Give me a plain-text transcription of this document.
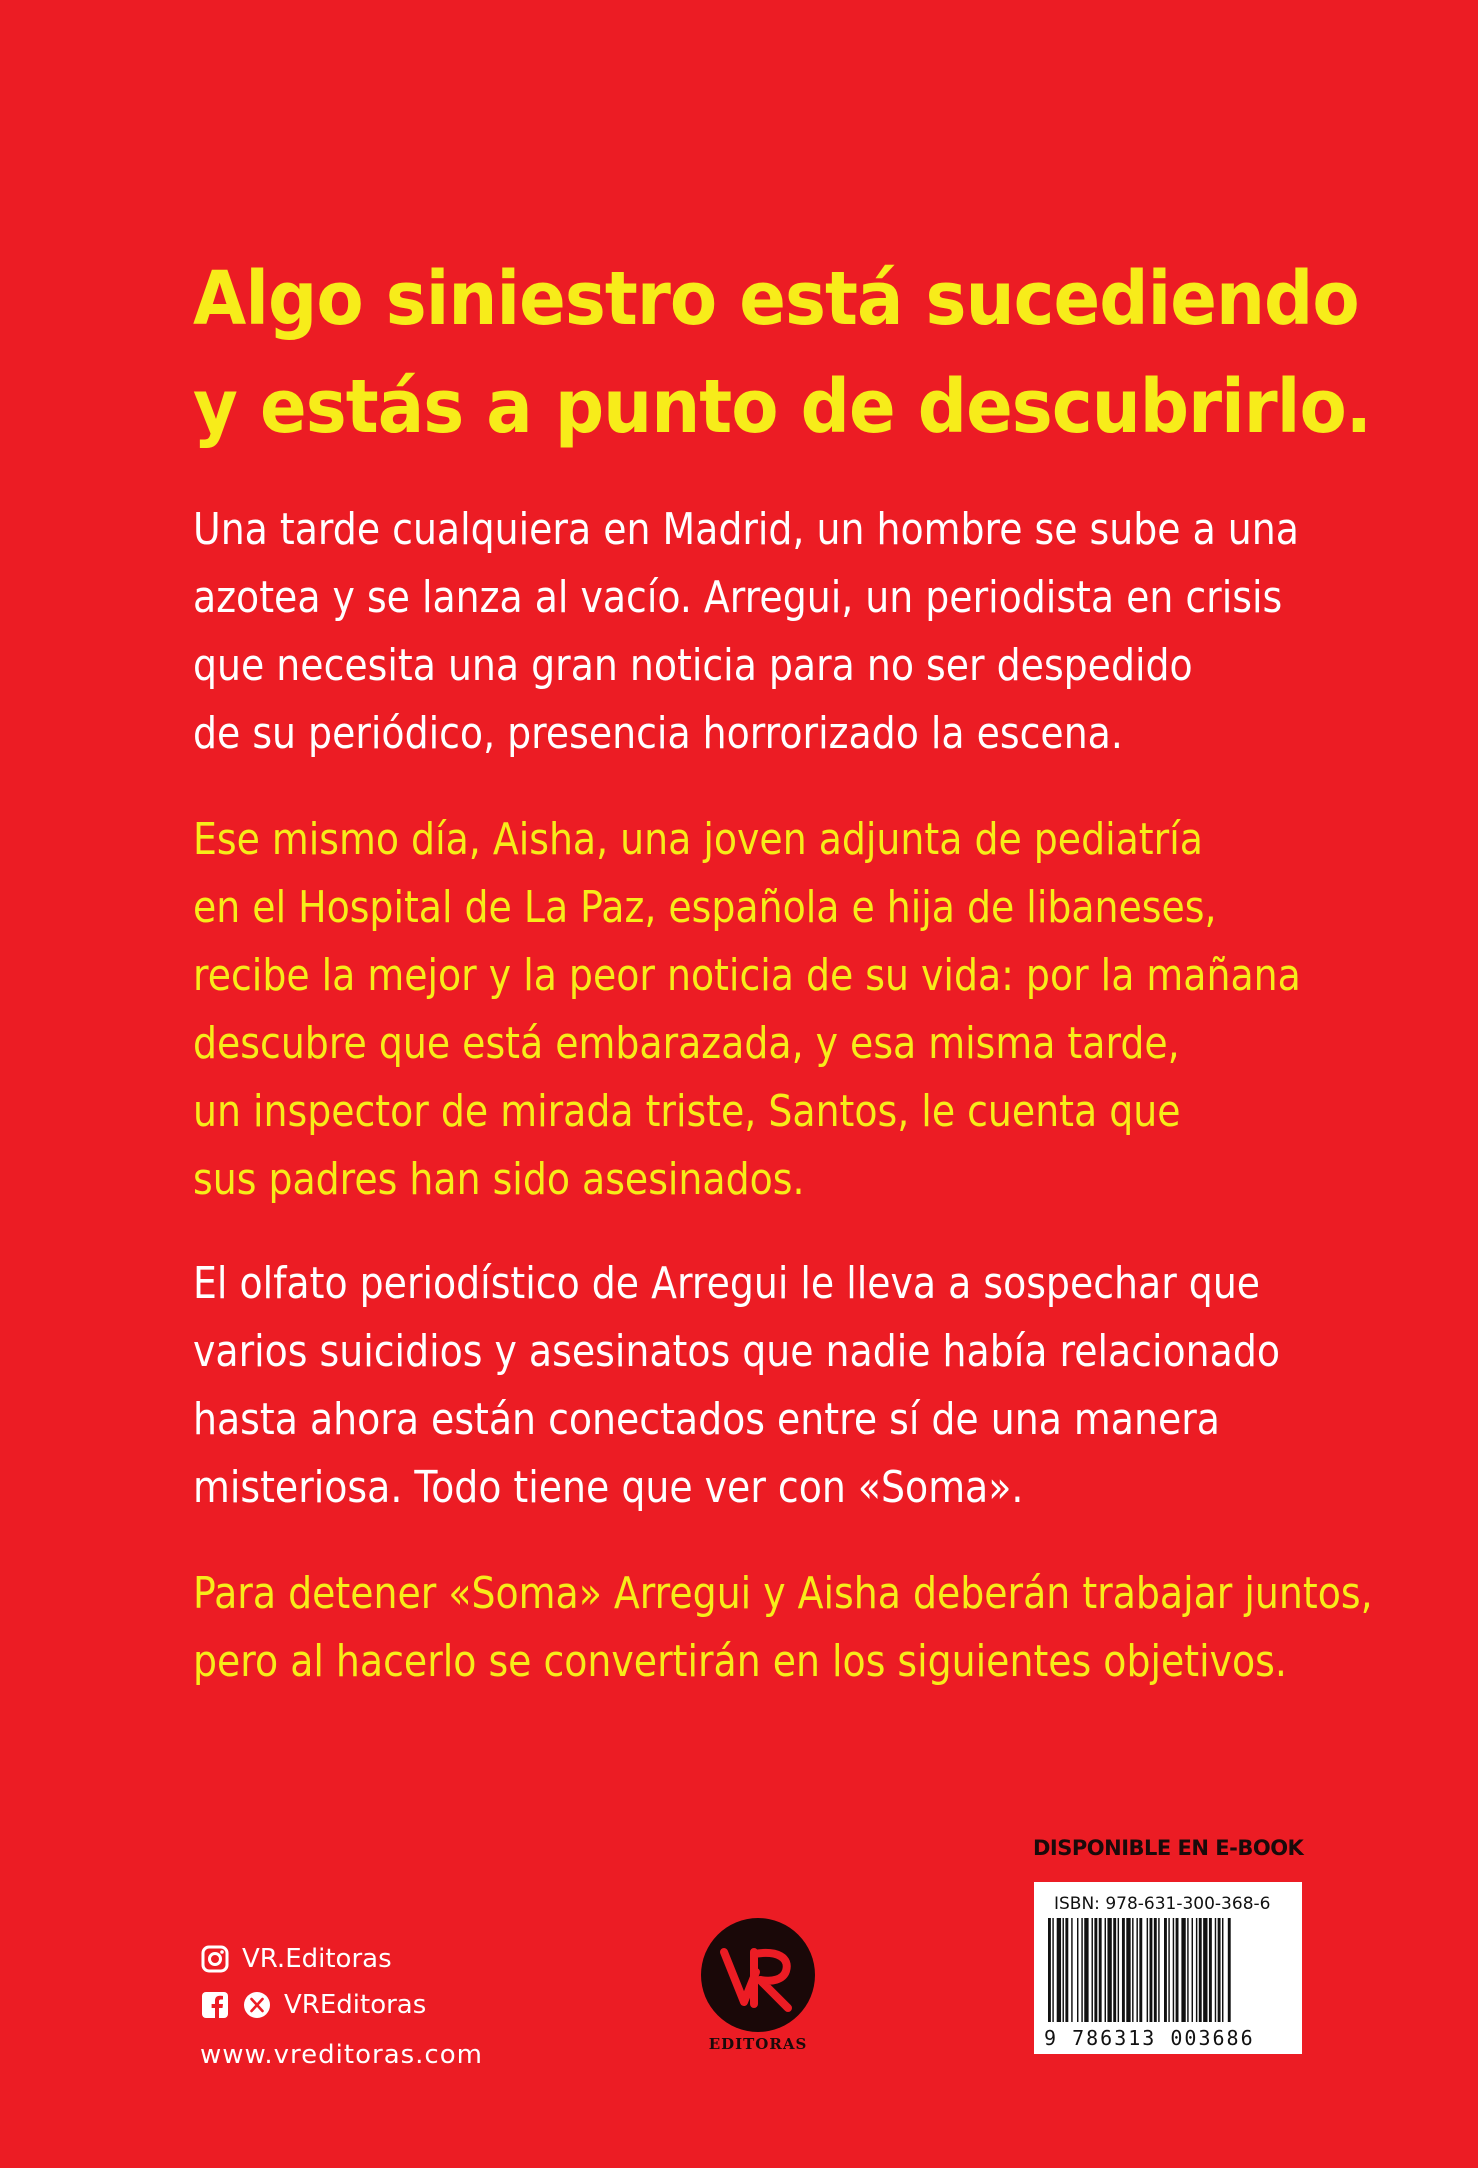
Algo siniestro está sucediendo
y estás a punto de descubrirlo.

Una tarde cualquiera en Madrid, un hombre se sube a una
azotea y se lanza al vacío. Arregui, un periodista en crisis
que necesita una gran noticia para no ser despedido
de su periódico, presencia horrorizado la escena.

Ese mismo día, Aisha, una joven adjunta de pediatría
en el Hospital de La Paz, española e hija de libaneses,
recibe la mejor y la peor noticia de su vida: por la mañana
descubre que está embarazada, y esa misma tarde,
un inspector de mirada triste, Santos, le cuenta que
sus padres han sido asesinados.

El olfato periodístico de Arregui le lleva a sospechar que
varios suicidios y asesinatos que nadie había relacionado
hasta ahora están conectados entre sí de una manera
misteriosa. Todo tiene que ver con «Soma».

Para detener «Soma» Arregui y Aisha deberán trabajar juntos,
pero al hacerlo se convertirán en los siguientes objetivos.

VR.Editoras
VREditoras
www.vreditoras.com	EDITORAS
DISPONIBLE EN E-BOOK
ISBN: 978-631-300-368-6
9 786313 003686
